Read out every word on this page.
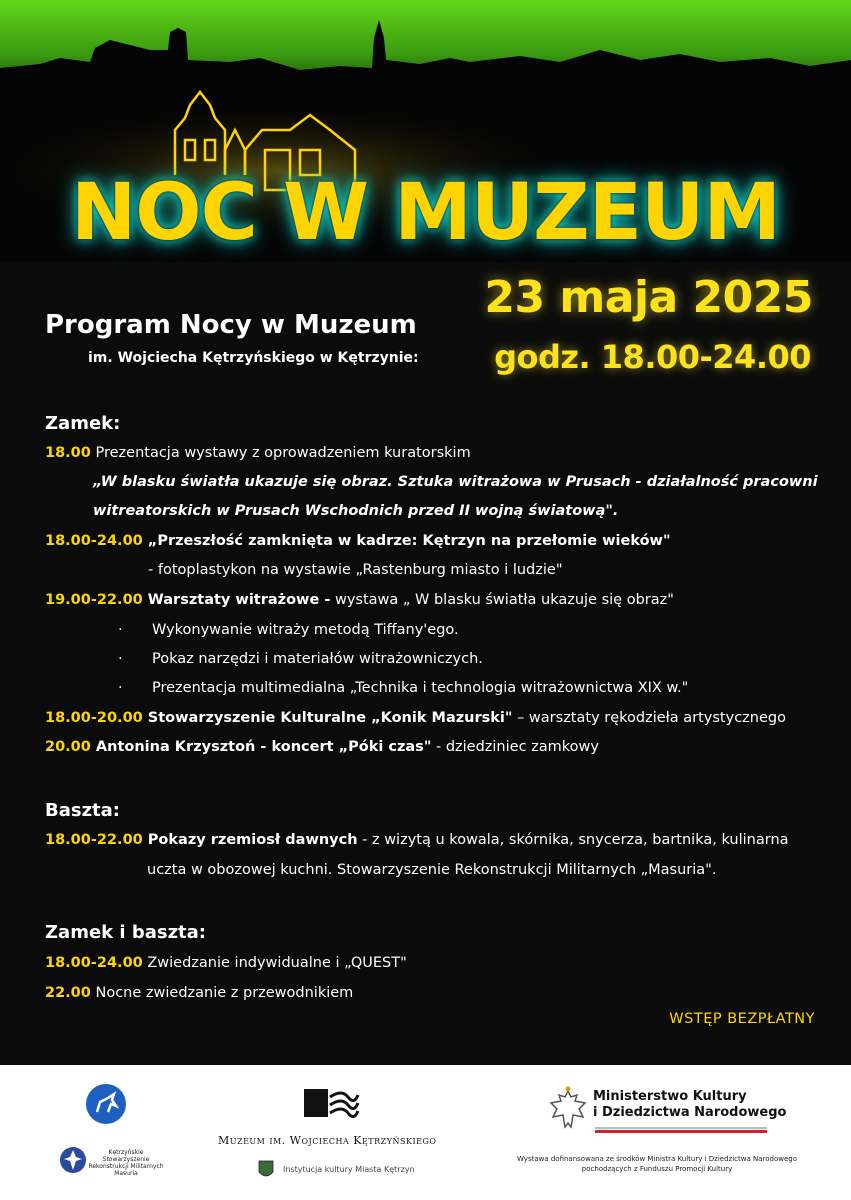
NOC W MUZEUM
23 maja 2025
godz. 18.00-24.00
Program Nocy w Muzeum
im. Wojciecha Kętrzyńskiego w Kętrzynie:
Zamek:
18.00 Prezentacja wystawy z oprowadzeniem kuratorskim
„W blasku światła ukazuje się obraz. Sztuka witrażowa w Prusach - działalność pracowni
witreatorskich w Prusach Wschodnich przed II wojną światową".
18.00-24.00 „Przeszłość zamknięta w kadrze: Kętrzyn na przełomie wieków"
- fotoplastykon na wystawie „Rastenburg miasto i ludzie"
19.00-22.00 Warsztaty witrażowe - wystawa „ W blasku światła ukazuje się obraz"
· Wykonywanie witraży metodą Tiffany'ego.
· Pokaz narzędzi i materiałów witrażowniczych.
· Prezentacja multimedialna „Technika i technologia witrażownictwa XIX w."
18.00-20.00 Stowarzyszenie Kulturalne „Konik Mazurski" – warsztaty rękodzieła artystycznego
20.00 Antonina Krzysztoń - koncert „Póki czas" - dziedziniec zamkowy
Baszta:
18.00-22.00 Pokazy rzemiosł dawnych - z wizytą u kowala, skórnika, snycerza, bartnika, kulinarna
uczta w obozowej kuchni. Stowarzyszenie Rekonstrukcji Militarnych „Masuria".
Zamek i baszta:
18.00-24.00 Zwiedzanie indywidualne i „QUEST"
22.00 Nocne zwiedzanie z przewodnikiem
WSTĘP BEZPŁATNY
Kętrzyńskie Stowarzyszenie Rekonstrukcji Militarnych Masuria
Muzeum im. Wojciecha Kętrzyńskiego
Instytucja kultury Miasta Kętrzyn
Ministerstwo Kultury
i Dziedzictwa Narodowego
Wystawa dofinansowana ze środków Ministra Kultury i Dziedzictwa Narodowego pochodzących z Funduszu Promocji Kultury
